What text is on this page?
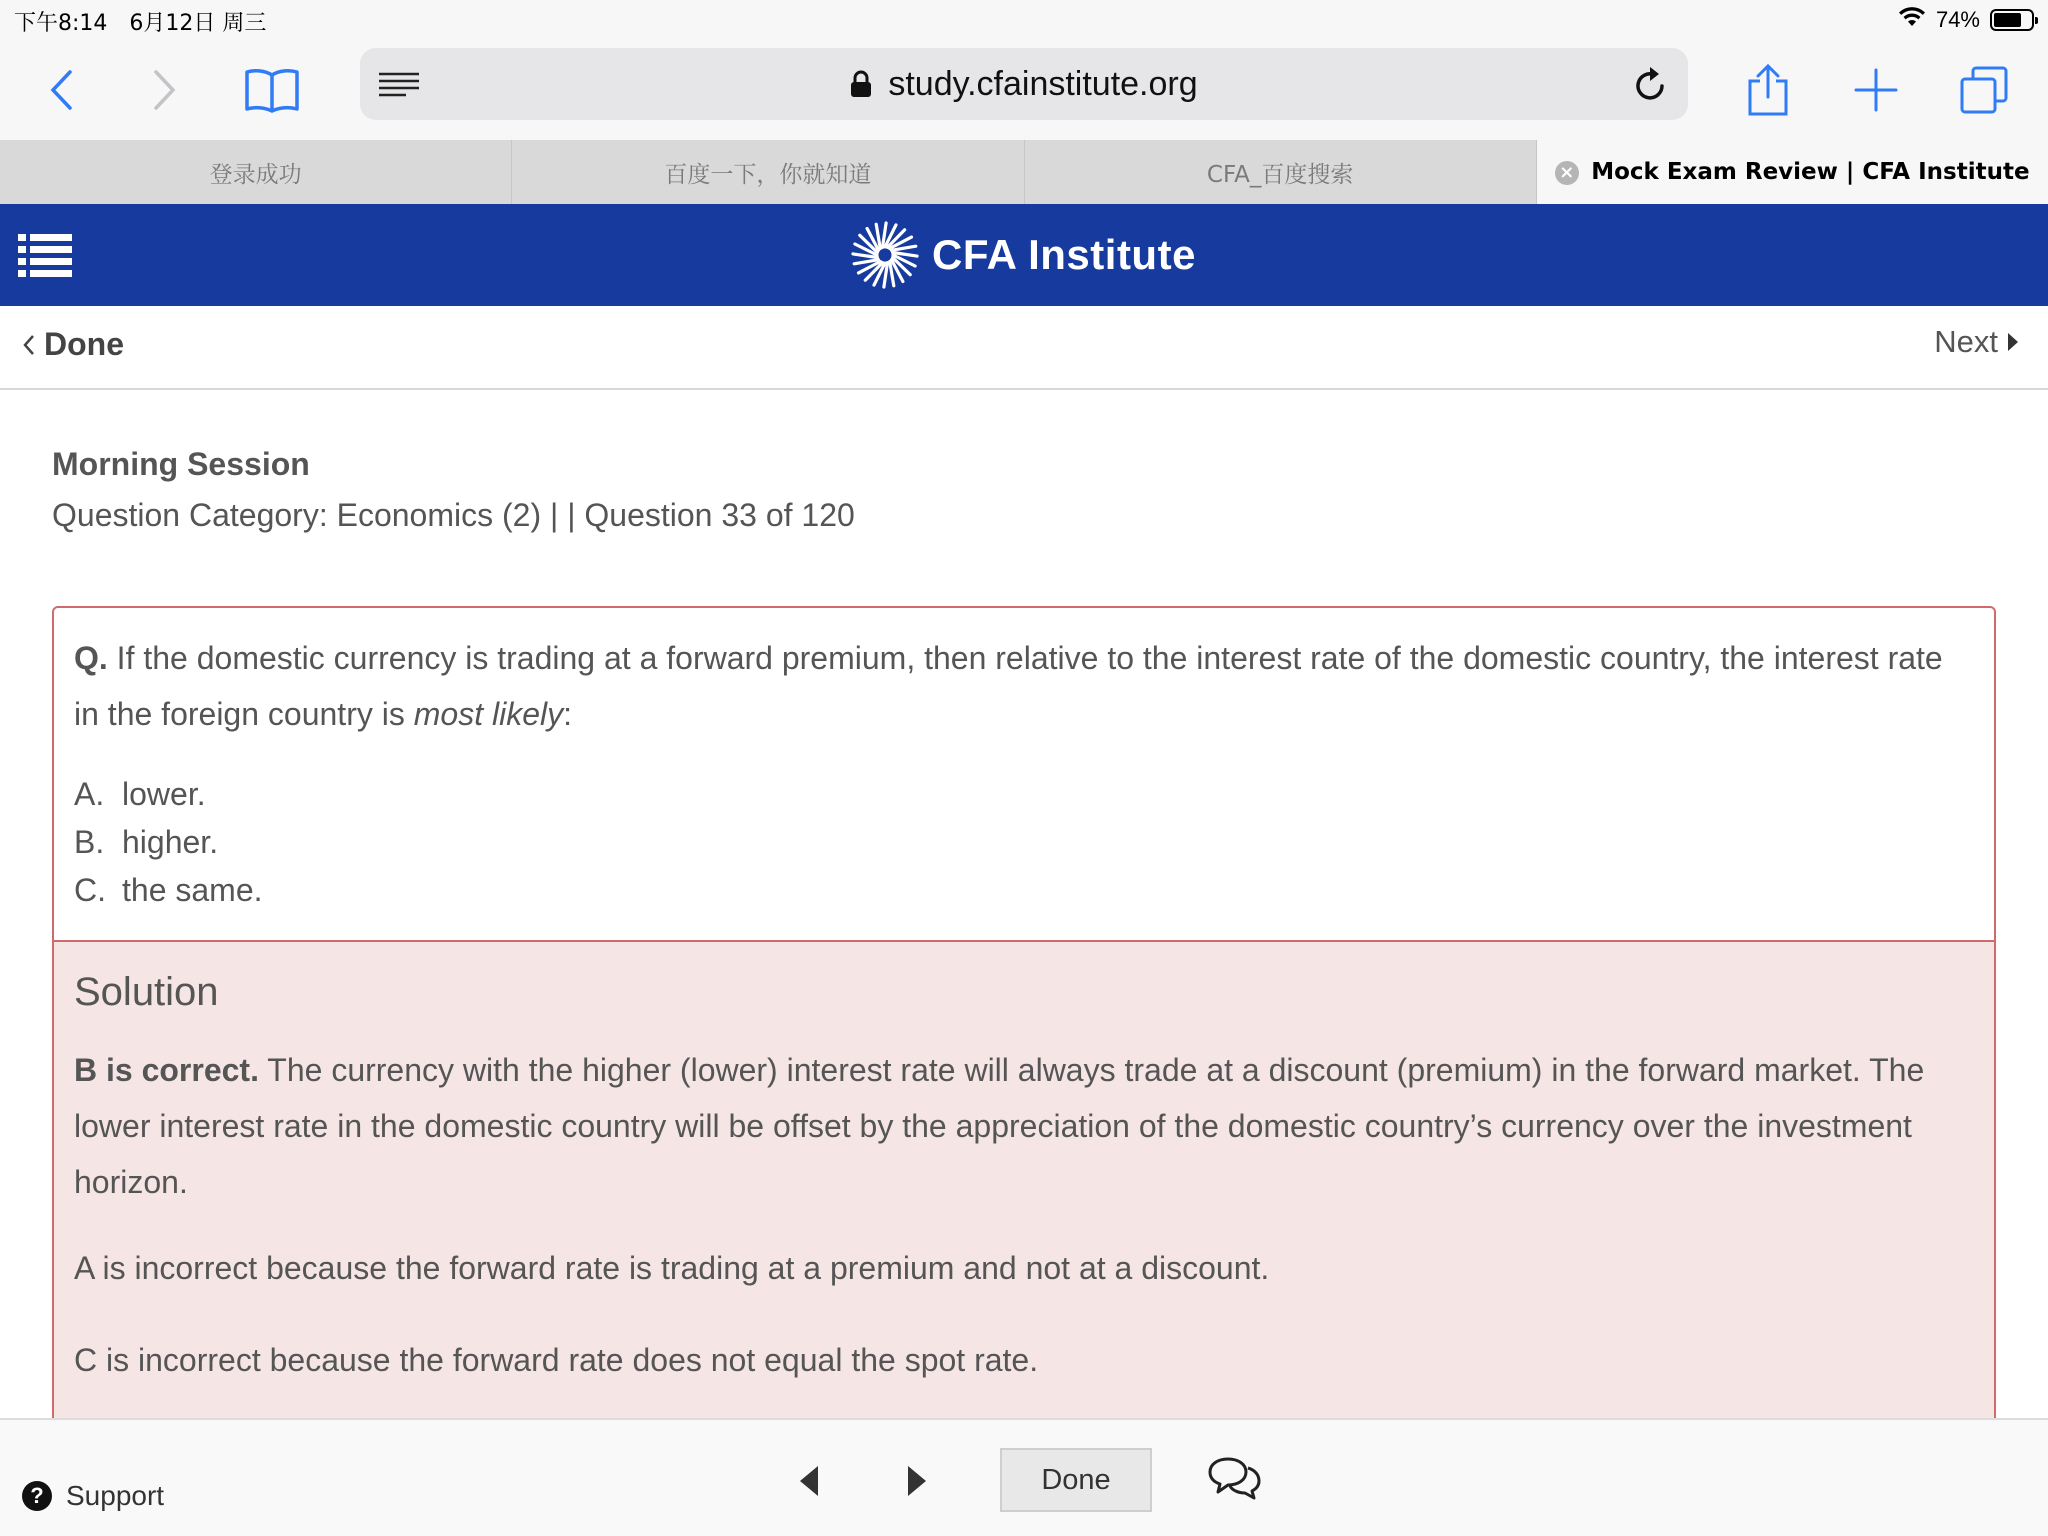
下午8:14 6月12日 周三	74%
study.cfainstitute.org
登录成功	百度一下，你就知道	CFA_百度搜索	× Mock Exam Review | CFA Institute
CFA Institute
Done	Next
Morning Session
Question Category: Economics (2) | | Question 33 of 120
Q. If the domestic currency is trading at a forward premium, then relative to the interest rate of the domestic country, the interest rate in the foreign country is most likely:
A. lower.
B. higher.
C. the same.
Solution
B is correct. The currency with the higher (lower) interest rate will always trade at a discount (premium) in the forward market. The lower interest rate in the domestic country will be offset by the appreciation of the domestic country’s currency over the investment horizon.
A is incorrect because the forward rate is trading at a premium and not at a discount.
C is incorrect because the forward rate does not equal the spot rate.
? Support	Done
